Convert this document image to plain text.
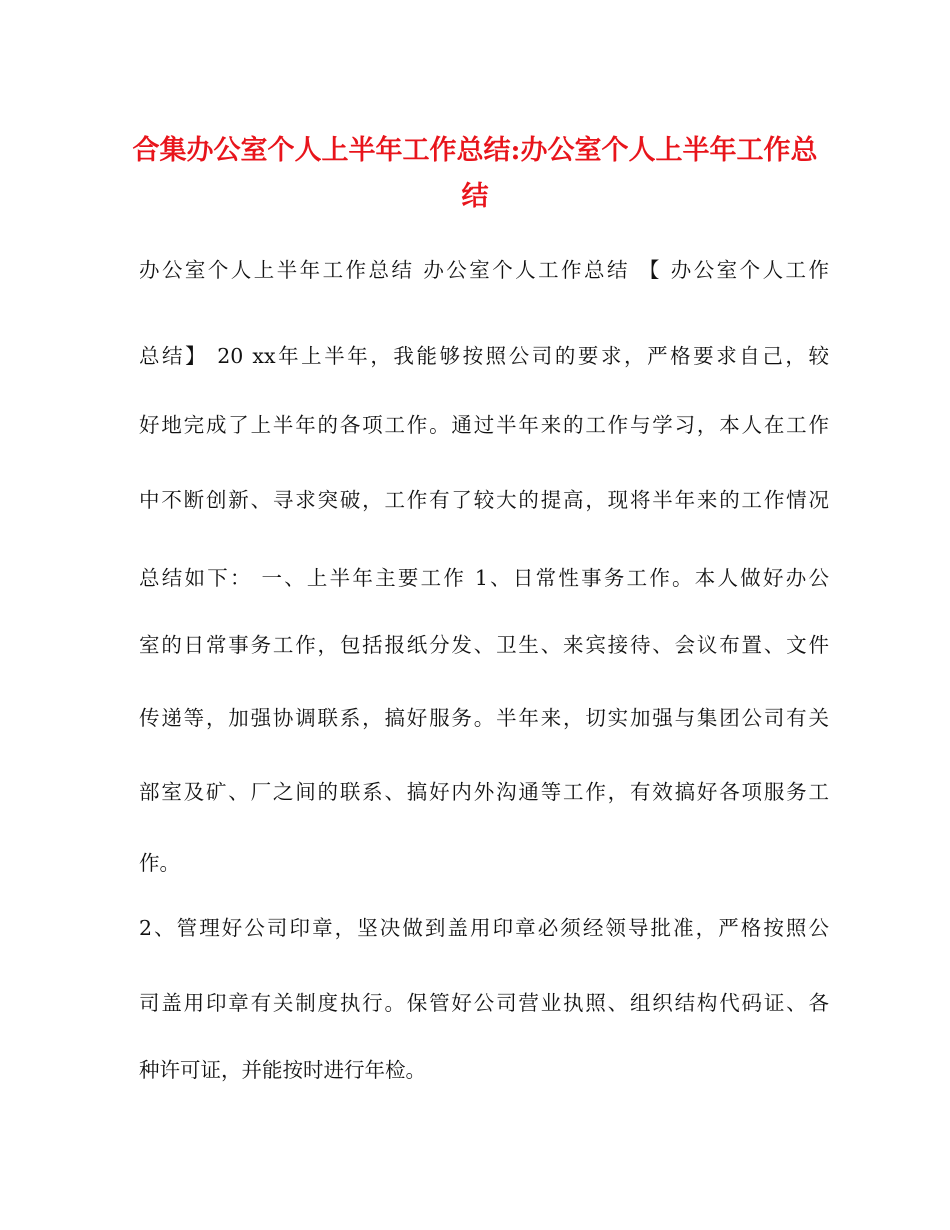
合集办公室个人上半年工作总结:办公室个人上半年工作总结

办公室个人上半年工作总结 办公室个人工作总结 【 办公室个人工作

总结】 20 xx年上半年，我能够按照公司的要求，严格要求自己，较

好地完成了上半年的各项工作。通过半年来的工作与学习，本人在工作

中不断创新、寻求突破，工作有了较大的提高，现将半年来的工作情况

总结如下： 一、上半年主要工作 1、日常性事务工作。本人做好办公

室的日常事务工作，包括报纸分发、卫生、来宾接待、会议布置、文件

传递等，加强协调联系，搞好服务。半年来，切实加强与集团公司有关

部室及矿、厂之间的联系、搞好内外沟通等工作，有效搞好各项服务工

作。

2、管理好公司印章，坚决做到盖用印章必须经领导批准，严格按照公

司盖用印章有关制度执行。保管好公司营业执照、组织结构代码证、各

种许可证，并能按时进行年检。
